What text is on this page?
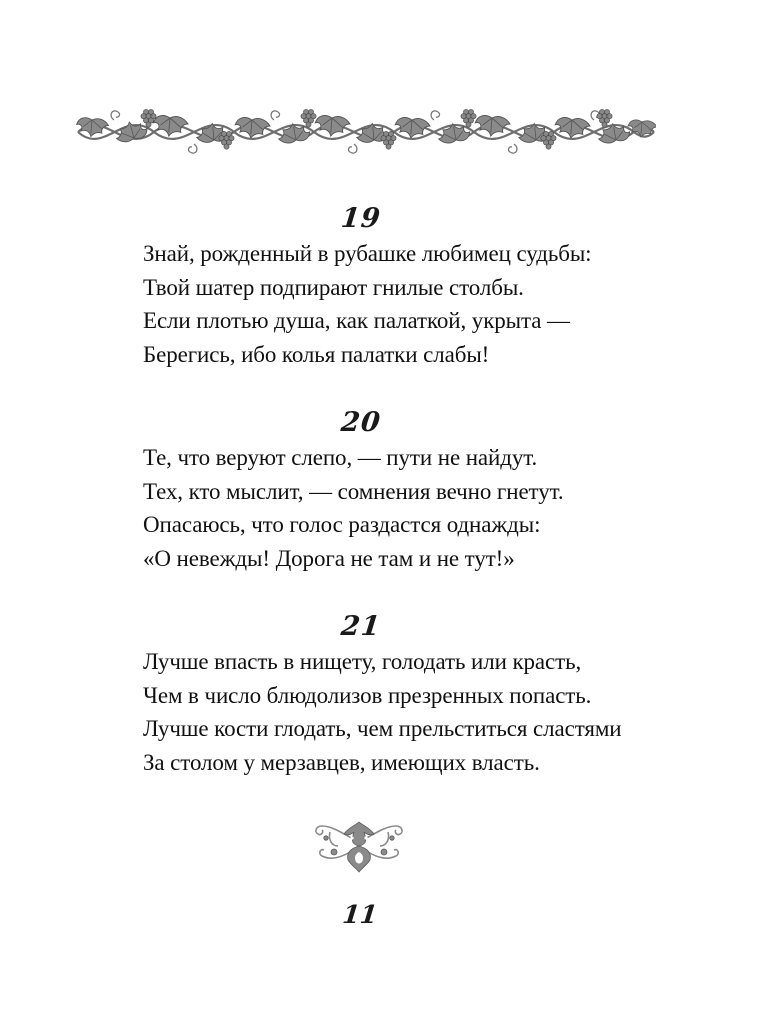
19
Знай, рожденный в рубашке любимец судьбы:
Твой шатер подпирают гнилые столбы.
Если плотью душа, как палаткой, укрыта —
Берегись, ибо колья палатки слабы!
20
Те, что веруют слепо, — пути не найдут.
Тех, кто мыслит, — сомнения вечно гнетут.
Опасаюсь, что голос раздастся однажды:
«О невежды! Дорога не там и не тут!»
21
Лучше впасть в нищету, голодать или красть,
Чем в число блюдолизов презренных попасть.
Лучше кости глодать, чем прельститься сластями
За столом у мерзавцев, имеющих власть.
11
